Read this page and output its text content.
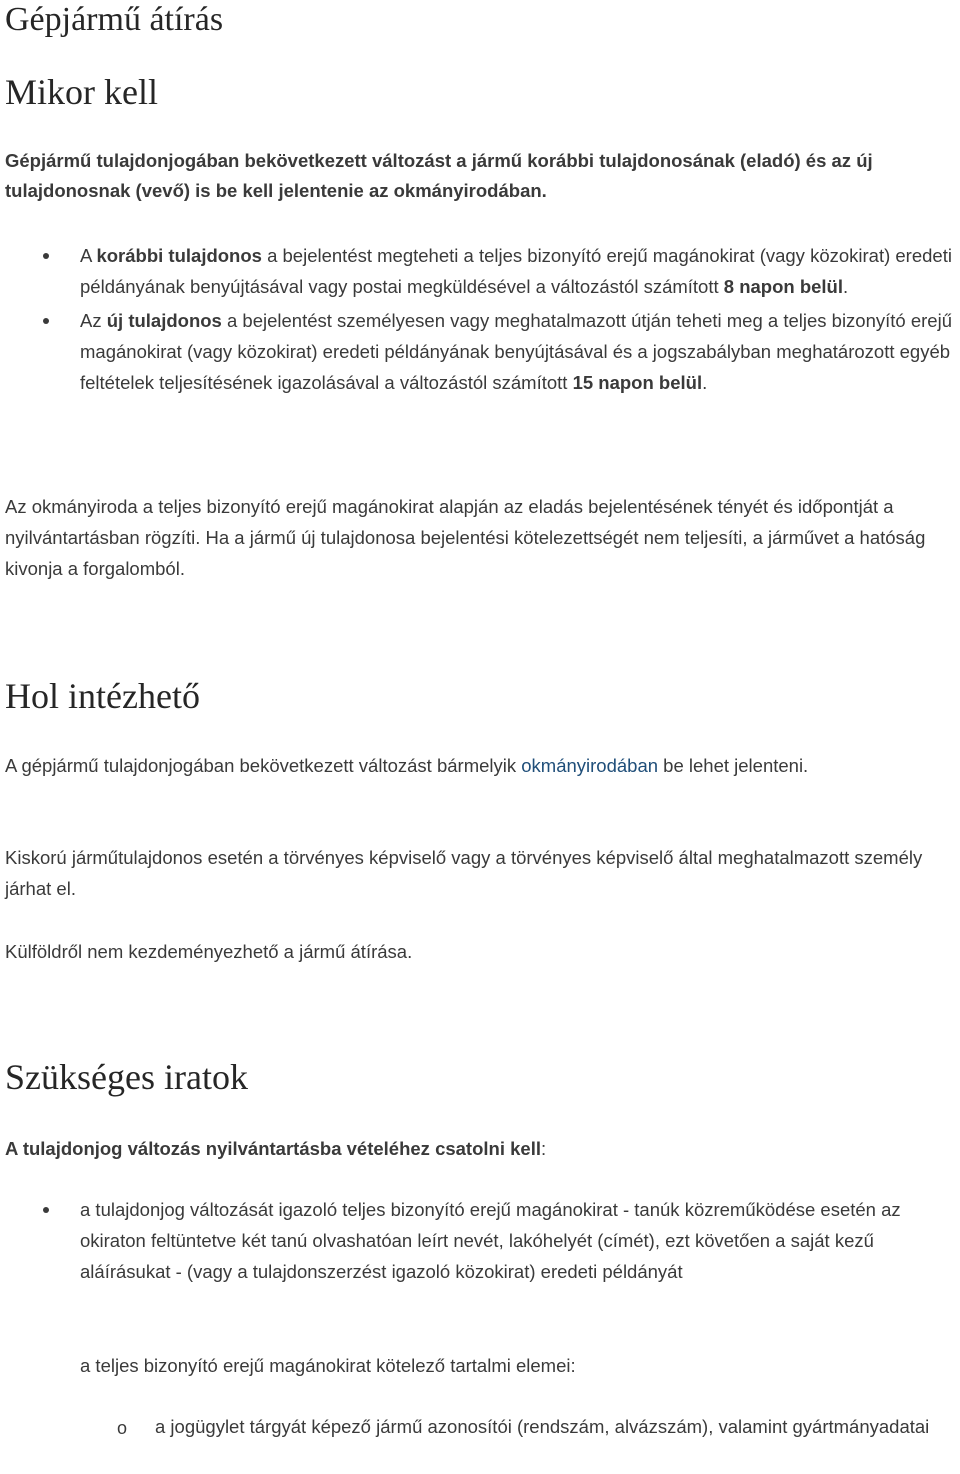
Gépjármű átírás
Mikor kell

Gépjármű tulajdonjogában bekövetkezett változást a jármű korábbi tulajdonosának (eladó) és az új tulajdonosnak (vevő) is be kell jelentenie az okmányirodában.

A korábbi tulajdonos a bejelentést megteheti a teljes bizonyító erejű magánokirat (vagy közokirat) eredeti példányának benyújtásával vagy postai megküldésével a változástól számított 8 napon belül.
Az új tulajdonos a bejelentést személyesen vagy meghatalmazott útján teheti meg a teljes bizonyító erejű magánokirat (vagy közokirat) eredeti példányának benyújtásával és a jogszabályban meghatározott egyéb feltételek teljesítésének igazolásával a változástól számított 15 napon belül.

Az okmányiroda a teljes bizonyító erejű magánokirat alapján az eladás bejelentésének tényét és időpontját a nyilvántartásban rögzíti. Ha a jármű új tulajdonosa bejelentési kötelezettségét nem teljesíti, a járművet a hatóság kivonja a forgalomból.

Hol intézhető

A gépjármű tulajdonjogában bekövetkezett változást bármelyik okmányirodában be lehet jelenteni.

Kiskorú járműtulajdonos esetén a törvényes képviselő vagy a törvényes képviselő által meghatalmazott személy járhat el.

Külföldről nem kezdeményezhető a jármű átírása.

Szükséges iratok

A tulajdonjog változás nyilvántartásba vételéhez csatolni kell:

a tulajdonjog változását igazoló teljes bizonyító erejű magánokirat - tanúk közreműködése esetén az okiraton feltüntetve két tanú olvashatóan leírt nevét, lakóhelyét (címét), ezt követően a saját kezű aláírásukat - (vagy a tulajdonszerzést igazoló közokirat) eredeti példányát

a teljes bizonyító erejű magánokirat kötelező tartalmi elemei:

o a jogügylet tárgyát képező jármű azonosítói (rendszám, alvázszám), valamint gyártmányadatai
